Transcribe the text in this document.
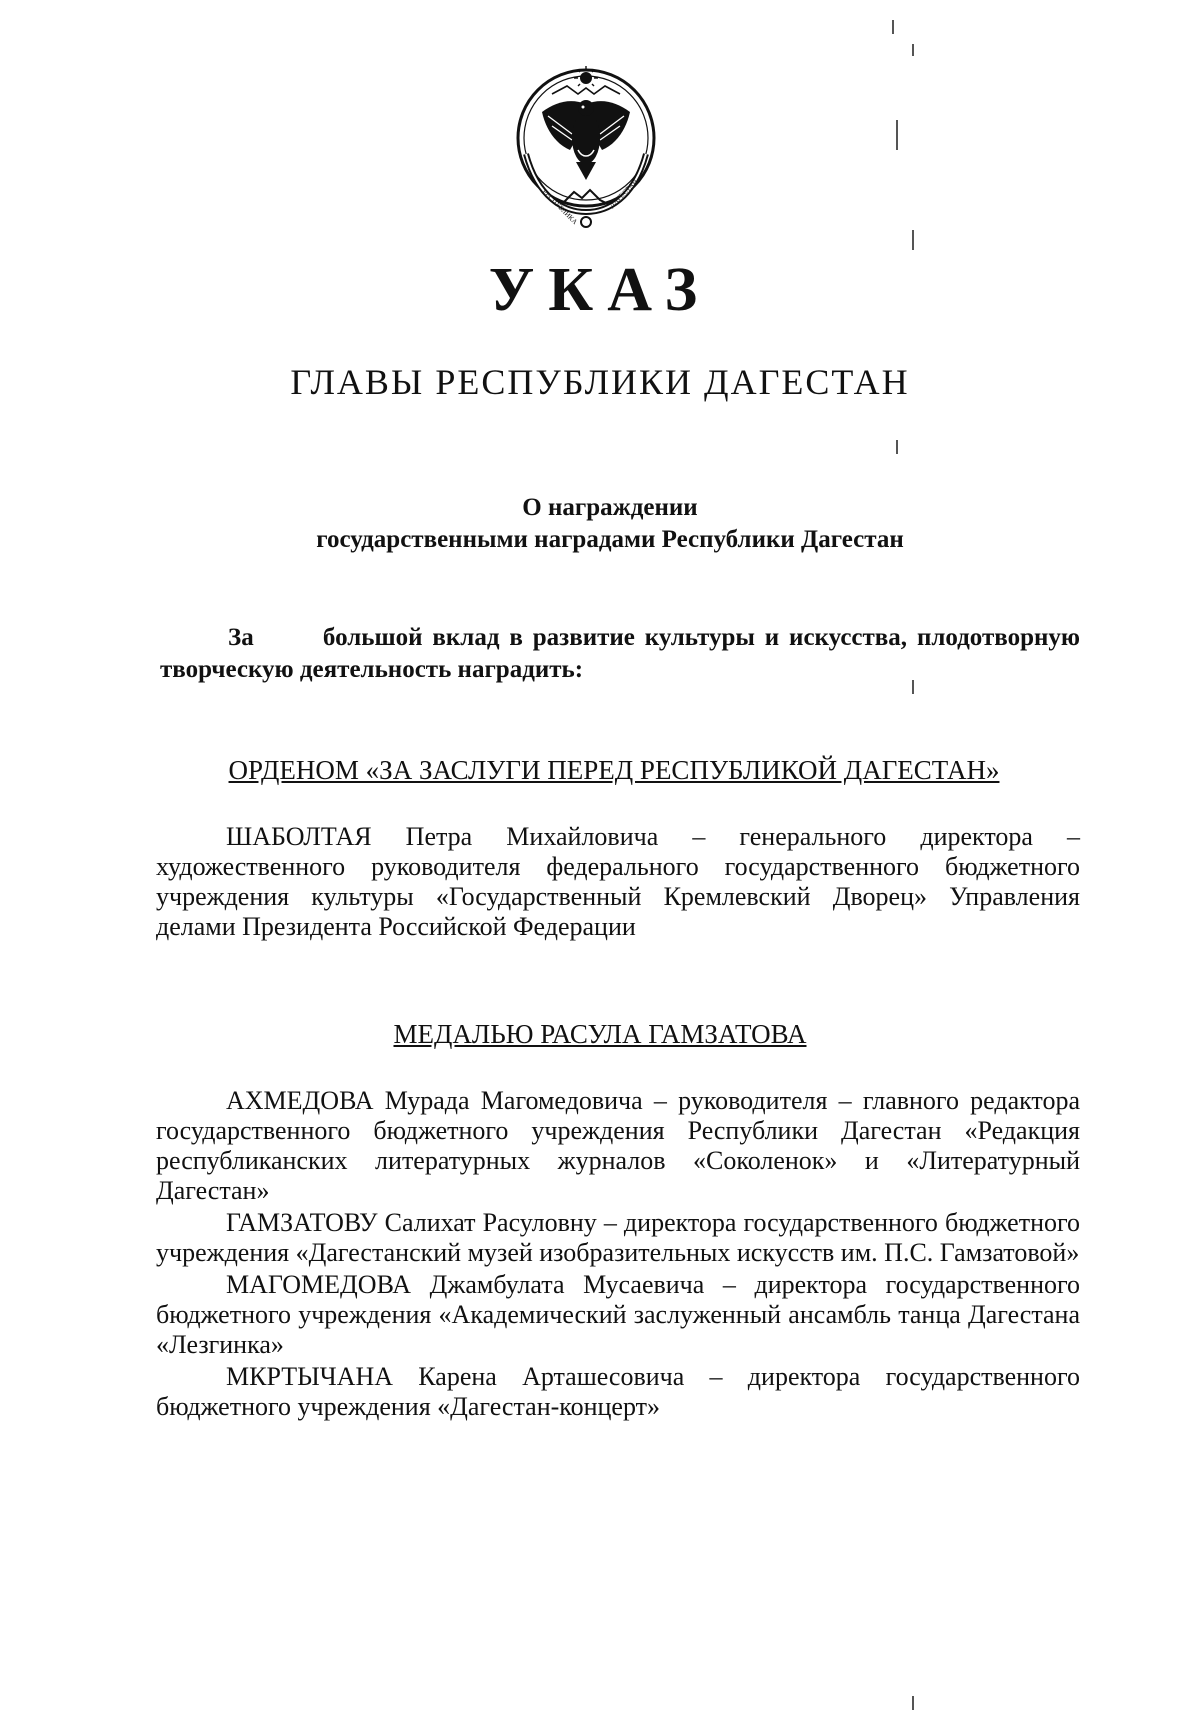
РЕСПУБЛИКА	ДАГЕСТАН
УКАЗ
ГЛАВЫ РЕСПУБЛИКИ ДАГЕСТАН
О награждении
государственными наградами Республики Дагестан
За	большой вклад в развитие культуры и искусства, плодотворную творческую деятельность наградить:
ОРДЕНОМ «ЗА ЗАСЛУГИ ПЕРЕД РЕСПУБЛИКОЙ ДАГЕСТАН»

ШАБОЛТАЯ Петра Михайловича – генерального директора – художественного руководителя федерального государственного бюджетного учреждения культуры «Государственный Кремлевский Дворец» Управления делами Президента Российской Федерации

МЕДАЛЬЮ РАСУЛА ГАМЗАТОВА

АХМЕДОВА Мурада Магомедовича – руководителя – главного редактора государственного бюджетного учреждения Республики Дагестан «Редакция республиканских литературных журналов «Соколенок» и «Литературный Дагестан»

ГАМЗАТОВУ Салихат Расуловну – директора государственного бюджетного учреждения «Дагестанский музей изобразительных искусств им. П.С. Гамзатовой»

МАГОМЕДОВА Джамбулата Мусаевича – директора государственного бюджетного учреждения «Академический заслуженный ансамбль танца Дагестана «Лезгинка»

МКРТЫЧАНА Карена Арташесовича – директора государственного бюджетного учреждения «Дагестан-концерт»
